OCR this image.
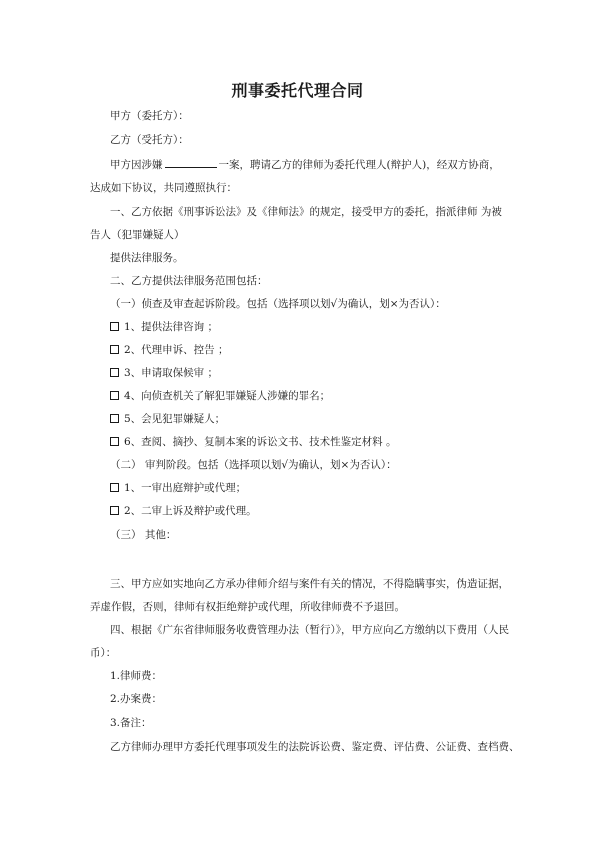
刑事委托代理合同
甲方（委托方）：
乙方（受托方）：
甲方因涉嫌	一案，聘请乙方的律师为委托代理人(辩护人)，经双方协商，
达成如下协议，共同遵照执行：
一、乙方依据《刑事诉讼法》及《律师法》的规定，接受甲方的委托，指派律师 为被
告人（犯罪嫌疑人）
提供法律服务。
二、乙方提供法律服务范围包括：
（一）侦查及审查起诉阶段。包括（选择项以划√为确认，划×为否认）：
1、提供法律咨询 ；
2、代理申诉、控告 ；
3、申请取保候审 ；
4、向侦查机关了解犯罪嫌疑人涉嫌的罪名；
5、会见犯罪嫌疑人；
6、查阅、摘抄、复制本案的诉讼文书、技术性鉴定材料 。
（二） 审判阶段。包括（选择项以划√为确认，划×为否认）：
1、一审出庭辩护或代理；
2、二审上诉及辩护或代理。
（三） 其他：
三、甲方应如实地向乙方承办律师介绍与案件有关的情况，不得隐瞒事实，伪造证据，
弄虚作假，否则，律师有权拒绝辩护或代理，所收律师费不予退回。
四、根据《广东省律师服务收费管理办法（暂行）》，甲方应向乙方缴纳以下费用（人民
币）：
1.律师费：
2.办案费：
3.备注：
乙方律师办理甲方委托代理事项发生的法院诉讼费、鉴定费、评估费、公证费、查档费、
